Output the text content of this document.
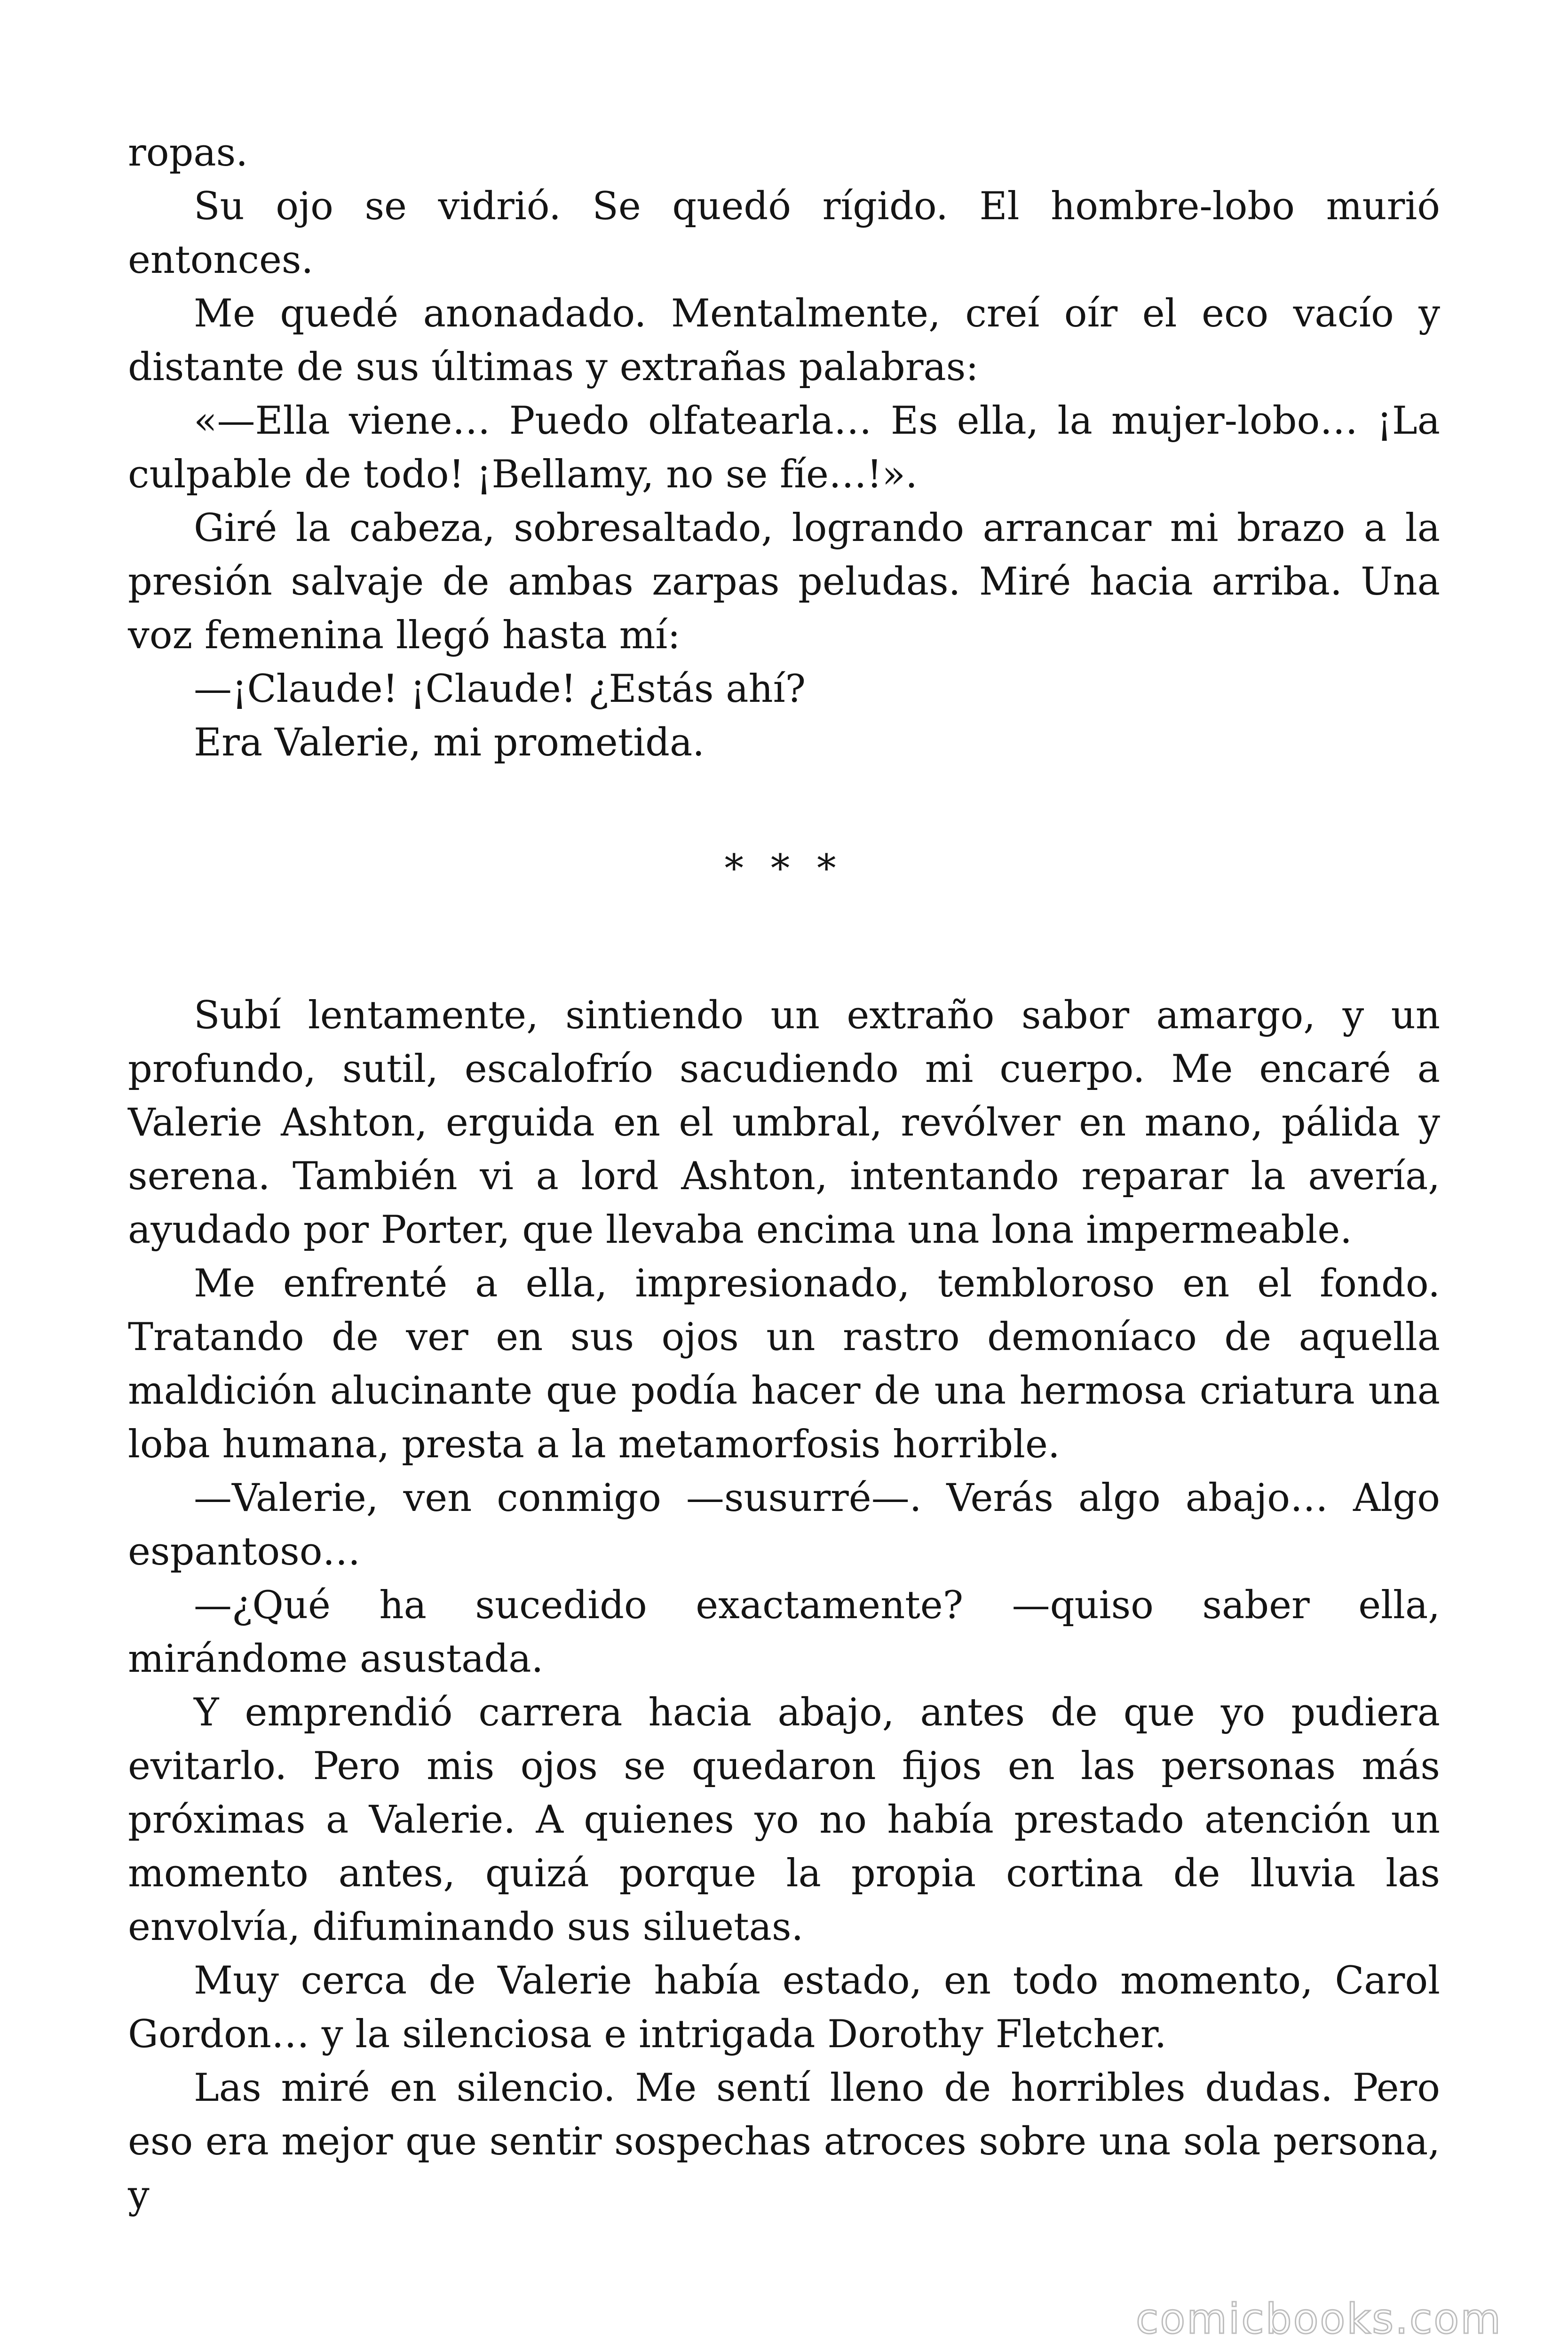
ropas.

Su ojo se vidrió. Se quedó rígido. El hombre-lobo murió entonces.

Me quedé anonadado. Mentalmente, creí oír el eco vacío y distante de sus últimas y extrañas palabras:

«—Ella viene… Puedo olfatearla… Es ella, la mujer-lobo… ¡La culpable de todo! ¡Bellamy, no se fíe…!».

Giré la cabeza, sobresaltado, logrando arrancar mi brazo a la presión salvaje de ambas zarpas peludas. Miré hacia arriba. Una voz femenina llegó hasta mí:

—¡Claude! ¡Claude! ¿Estás ahí?

Era Valerie, mi prometida.

* * *

Subí lentamente, sintiendo un extraño sabor amargo, y un profundo, sutil, escalofrío sacudiendo mi cuerpo. Me encaré a Valerie Ashton, erguida en el umbral, revólver en mano, pálida y serena. También vi a lord Ashton, intentando reparar la avería, ayudado por Porter, que llevaba encima una lona impermeable.

Me enfrenté a ella, impresionado, tembloroso en el fondo. Tratando de ver en sus ojos un rastro demoníaco de aquella maldición alucinante que podía hacer de una hermosa criatura una loba humana, presta a la metamorfosis horrible.

—Valerie, ven conmigo —susurré—. Verás algo abajo… Algo espantoso…

—¿Qué ha sucedido exactamente? —quiso saber ella, mirándome asustada.

Y emprendió carrera hacia abajo, antes de que yo pudiera evitarlo. Pero mis ojos se quedaron fijos en las personas más próximas a Valerie. A quienes yo no había prestado atención un momento antes, quizá porque la propia cortina de lluvia las envolvía, difuminando sus siluetas.

Muy cerca de Valerie había estado, en todo momento, Carol Gordon… y la silenciosa e intrigada Dorothy Fletcher.

Las miré en silencio. Me sentí lleno de horribles dudas. Pero eso era mejor que sentir sospechas atroces sobre una sola persona, y

comicbooks.com
